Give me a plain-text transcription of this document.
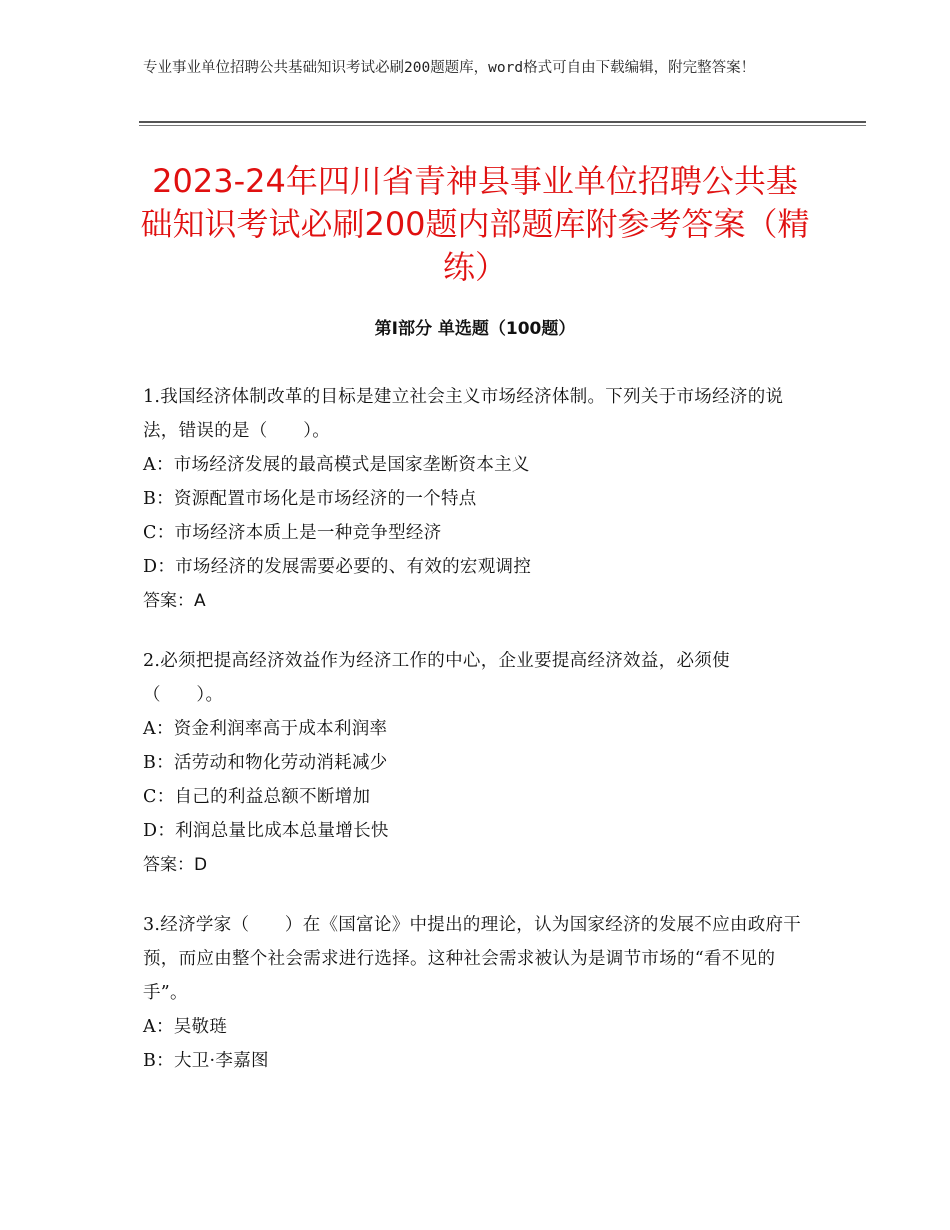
专业事业单位招聘公共基础知识考试必刷200题题库，word格式可自由下载编辑，附完整答案！
2023-24年四川省青神县事业单位招聘公共基础知识考试必刷200题内部题库附参考答案（精练）
第Ⅰ部分 单选题（100题）

1.我国经济体制改革的目标是建立社会主义市场经济体制。下列关于市场经济的说法，错误的是（　　）。

A：市场经济发展的最高模式是国家垄断资本主义

B：资源配置市场化是市场经济的一个特点

C：市场经济本质上是一种竞争型经济

D：市场经济的发展需要必要的、有效的宏观调控

答案：A

2.必须把提高经济效益作为经济工作的中心，企业要提高经济效益，必须使（　　）。

A：资金利润率高于成本利润率

B：活劳动和物化劳动消耗减少

C：自己的利益总额不断增加

D：利润总量比成本总量增长快

答案：D

3.经济学家（　　）在《国富论》中提出的理论，认为国家经济的发展不应由政府干预，而应由整个社会需求进行选择。这种社会需求被认为是调节市场的“看不见的手”。

A：吴敬琏

B：大卫·李嘉图
